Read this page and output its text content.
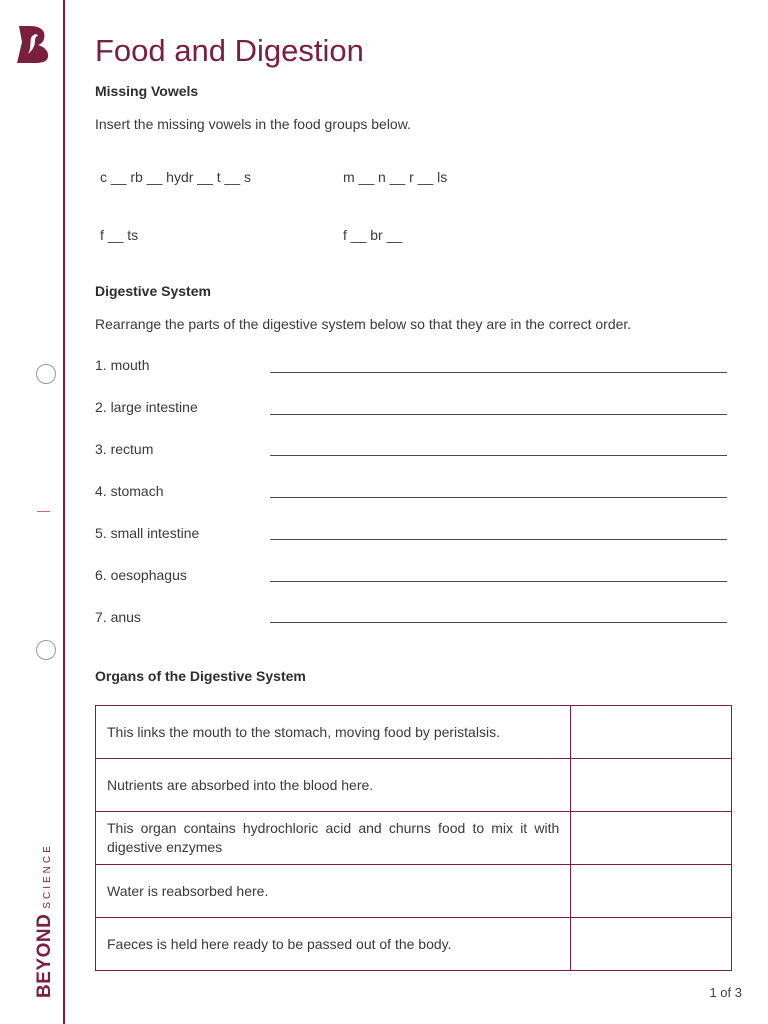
BEYONDSCIENCE
Food and Digestion
Missing Vowels

Insert the missing vowels in the food groups below.

c __ rb __ hydr __ t __ s	m __ n __ r __ ls
f __ ts	f __ br __
Digestive System

Rearrange the parts of the digestive system below so that they are in the correct order.

1. mouth
2. large intestine
3. rectum
4. stomach
5. small intestine
6. oesophagus
7. anus
Organs of the Digestive System
This links the mouth to the stomach, moving food by peristalsis.	
Nutrients are absorbed into the blood here.	
This organ contains hydrochloric acid and churns food to mix it with digestive enzymes	
Water is reabsorbed here.	
Faeces is held here ready to be passed out of the body.	
1 of 3
